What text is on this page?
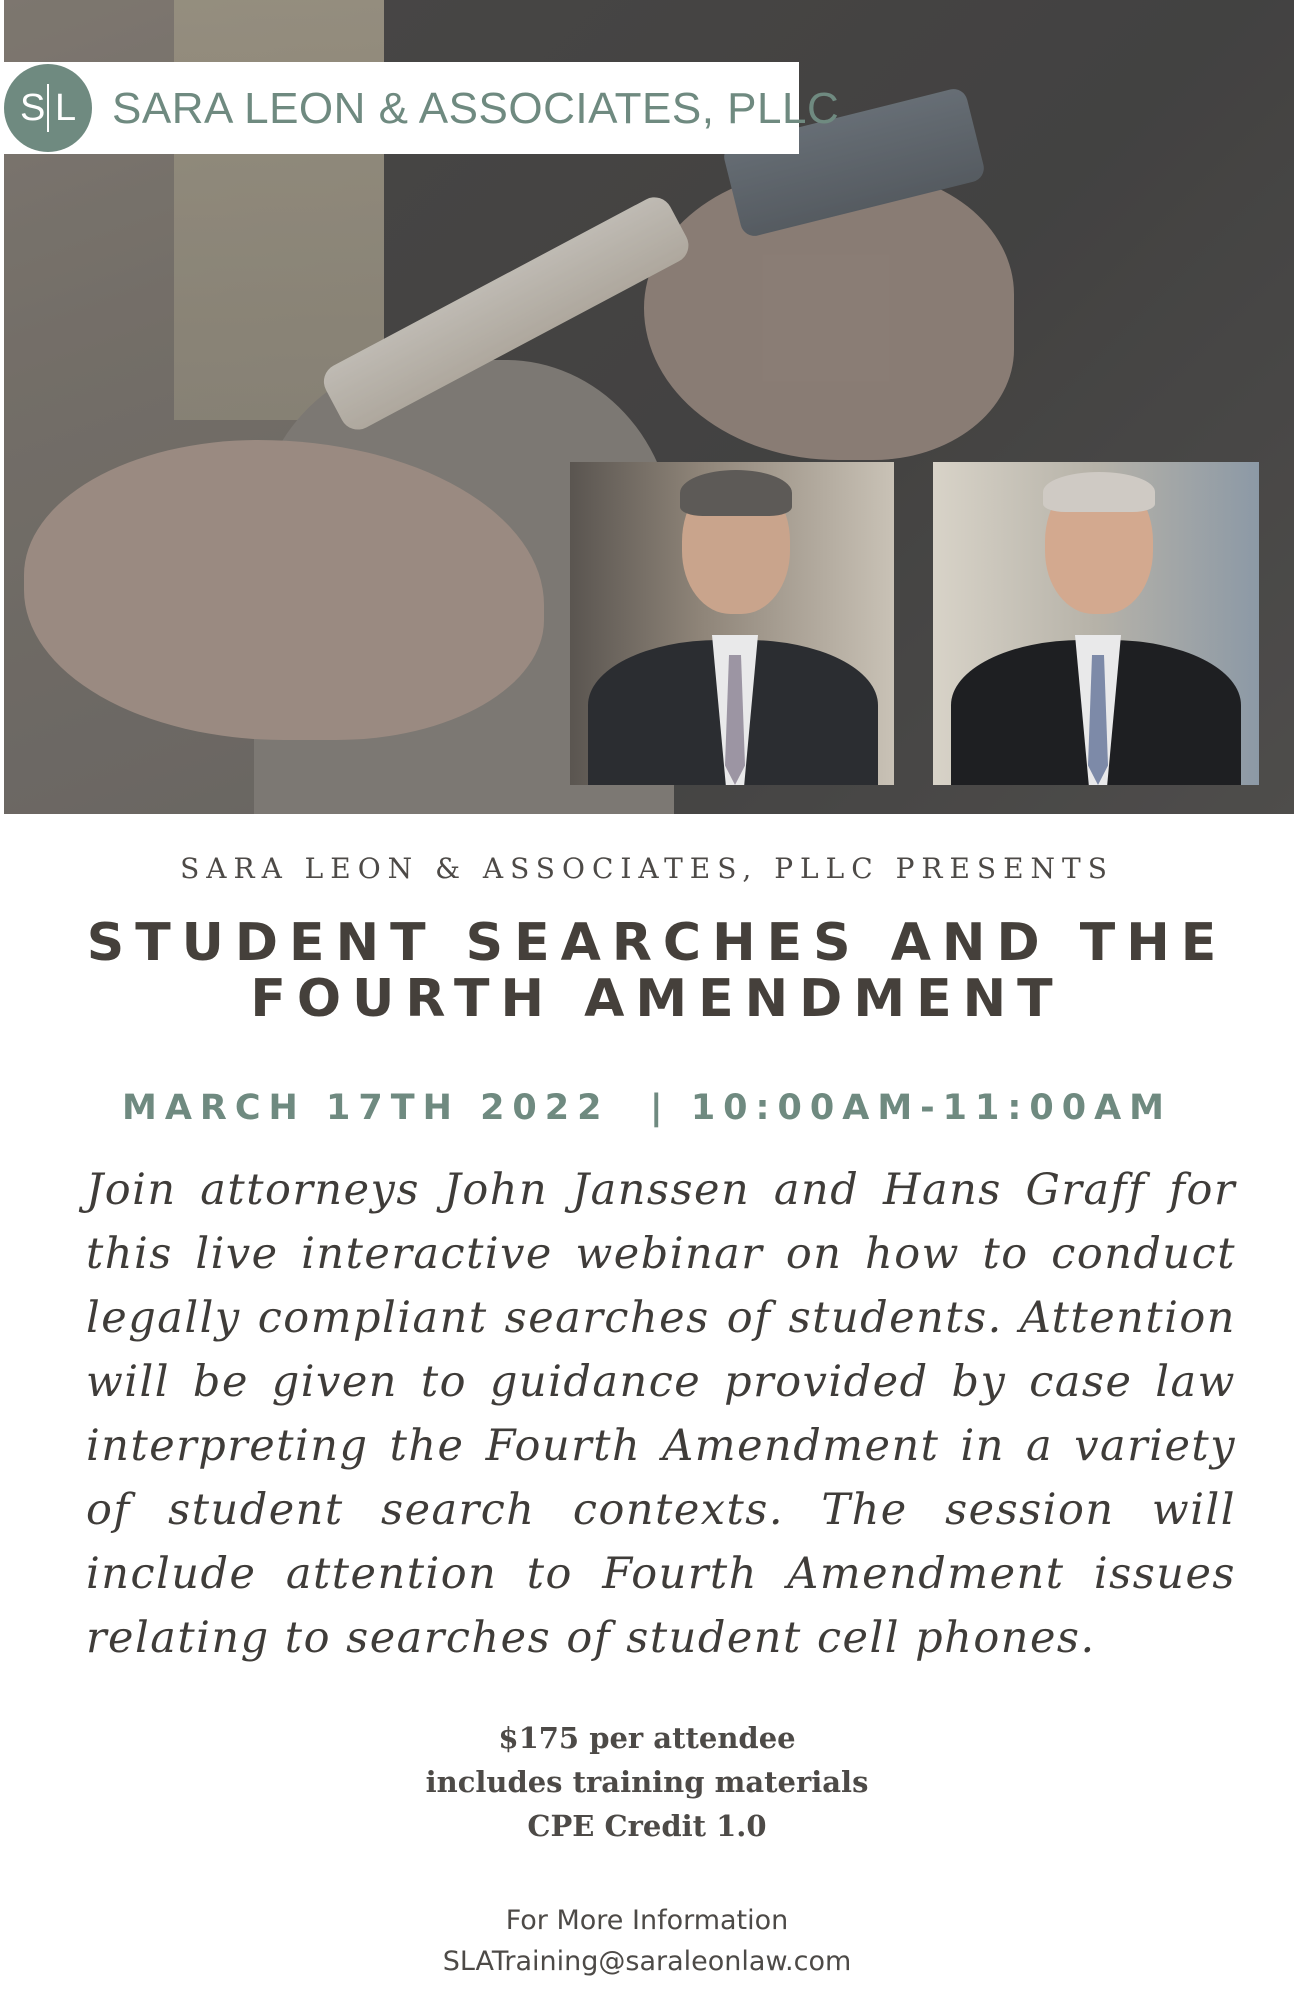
S L SARA LEON & ASSOCIATES, PLLC
SARA LEON & ASSOCIATES, PLLC PRESENTS
STUDENT SEARCHES AND THE
FOURTH AMENDMENT
MARCH 17TH 2022  | 10:00AM-11:00AM
Join attorneys John Janssen and Hans Graff for this live interactive webinar on how to conduct legally compliant searches of students. Attention will be given to guidance provided by case law interpreting the Fourth Amendment in a variety of student search contexts. The session will include attention to Fourth Amendment issues relating to searches of student cell phones.
$175 per attendee
includes training materials
CPE Credit 1.0
For More Information
SLATraining@saraleonlaw.com
